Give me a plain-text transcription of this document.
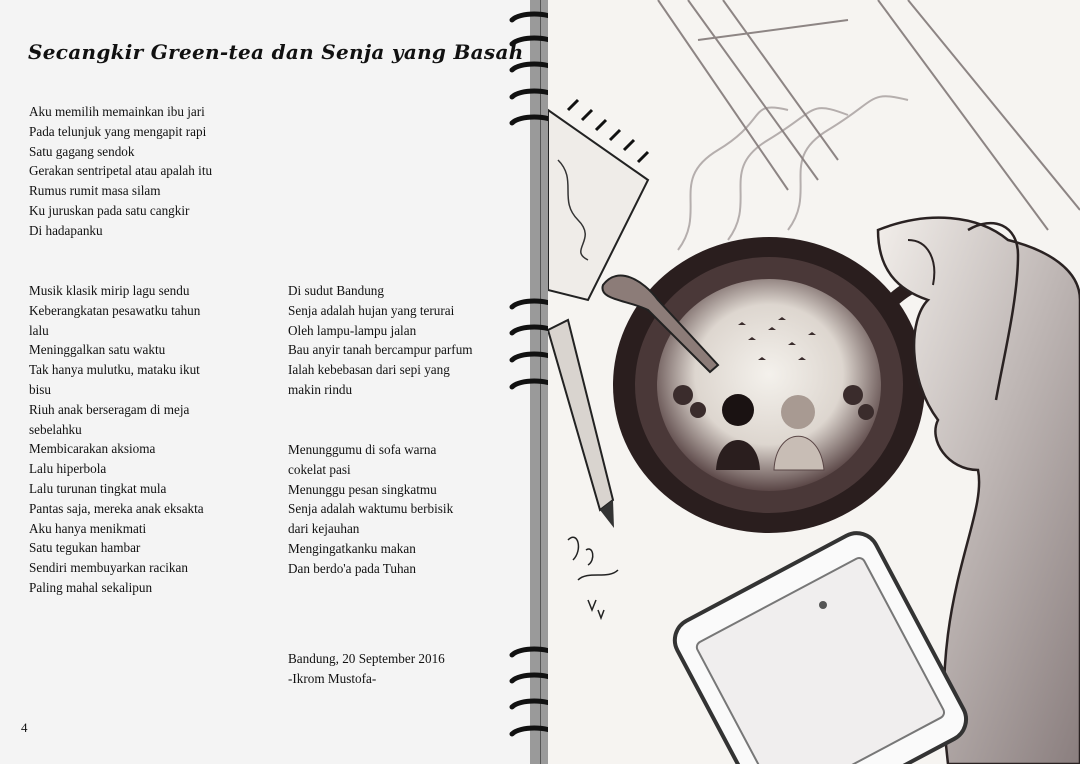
Secangkir Green-tea dan Senja yang Basah
Aku memilih memainkan ibu jari
Pada telunjuk yang mengapit rapi
Satu gagang sendok
Gerakan sentripetal atau apalah itu
Rumus rumit masa silam
Ku juruskan pada satu cangkir
Di hadapanku
Musik klasik mirip lagu sendu
Keberangkatan pesawatku tahun
lalu
Meninggalkan satu waktu
Tak hanya mulutku, mataku ikut
bisu
Riuh anak berseragam di meja
sebelahku
Membicarakan aksioma
Lalu hiperbola
Lalu turunan tingkat mula
Pantas saja, mereka anak eksakta
Aku hanya menikmati
Satu tegukan hambar
Sendiri membuyarkan racikan
Paling mahal sekalipun
Di sudut Bandung
Senja adalah hujan yang terurai
Oleh lampu-lampu jalan
Bau anyir tanah bercampur parfum
Ialah kebebasan dari sepi yang
makin rindu
Menunggumu di sofa warna
cokelat pasi
Menunggu pesan singkatmu
Senja adalah waktumu berbisik
dari kejauhan
Mengingatkanku makan
Dan berdo'a pada Tuhan
Bandung, 20 September 2016
-Ikrom Mustofa-
4
